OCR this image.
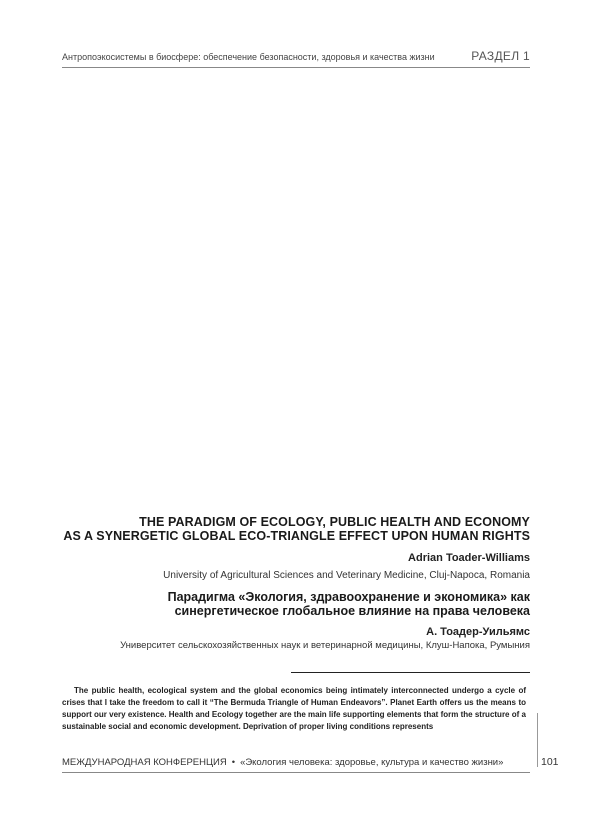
Антропоэкосистемы в биосфере: обеспечение безопасности, здоровья и качества жизни	РАЗДЕЛ 1
THE PARADIGM OF ECOLOGY, PUBLIC HEALTH AND ECONOMY
AS A SYNERGETIC GLOBAL ECO-TRIANGLE EFFECT UPON HUMAN RIGHTS
Adrian Toader-Williams
University of Agricultural Sciences and Veterinary Medicine, Cluj-Napoca, Romania
Парадигма «Экология, здравоохранение и экономика» как
синергетическое глобальное влияние на права человека
А. Тоадер-Уильямс
Университет сельскохозяйственных наук и ветеринарной медицины, Клуш-Напока, Румыния

The public health, ecological system and the global economics being intimately interconnected undergo a cycle of crises that I take the freedom to call it “The Bermuda Triangle of Human Endeavors”. Planet Earth offers us the means to support our very existence. Health and Ecology together are the main life supporting elements that form the structure of a sustainable social and economic development. Deprivation of proper living conditions represents

МЕЖДУНАРОДНАЯ КОНФЕРЕНЦИЯ • «Экология человека: здоровье, культура и качество жизни»	101
